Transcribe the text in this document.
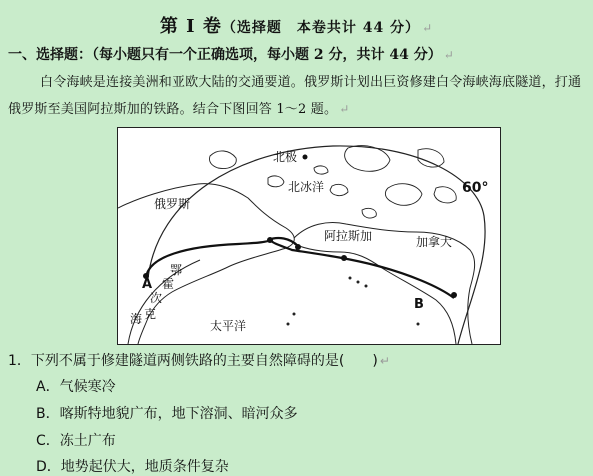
第 I 卷（选择题　本卷共计 44 分） ↵
一、选择题：（每小题只有一个正确选项，每小题 2 分，共计 44 分） ↵
白令海峡是连接美洲和亚欧大陆的交通要道。俄罗斯计划出巨资修建白令海峡海底隧道，打通俄罗斯至美国阿拉斯加的铁路。结合下图回答 1～2 题。 ↵
北极
北冰洋
俄罗斯
阿拉斯加	加拿大
鄂
霍
次
克
海	太平洋
A
B
60°
1．下列不属于修建隧道两侧铁路的主要自然障碍的是(　　) ↵
A．气候寒冷
B．喀斯特地貌广布，地下溶洞、暗河众多
C．冻土广布
D．地势起伏大，地质条件复杂
